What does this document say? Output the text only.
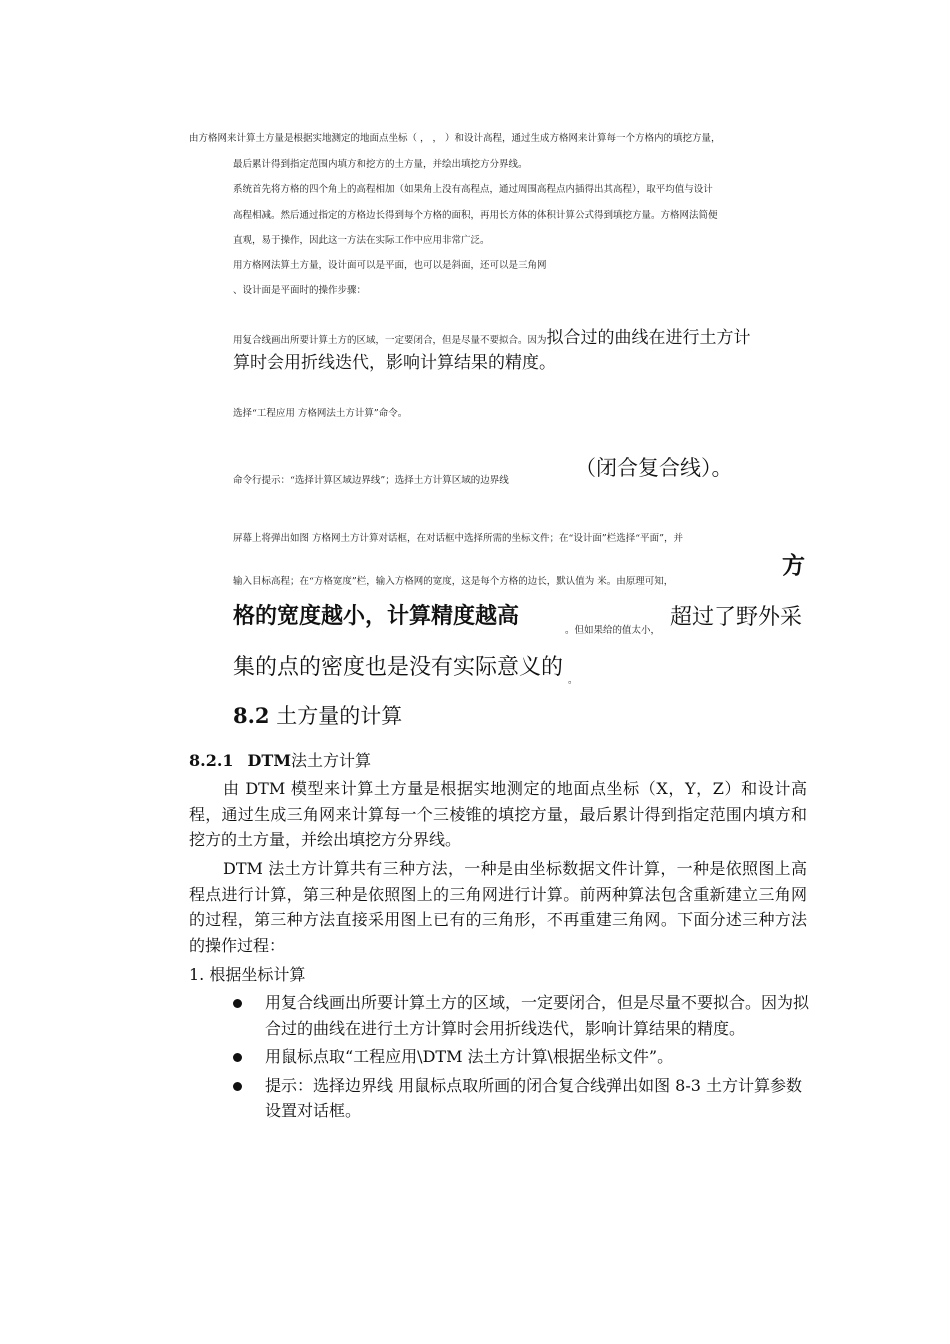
由方格网来计算土方量是根据实地测定的地面点坐标（ ， ， ）和设计高程，通过生成方格网来计算每一个方格内的填挖方量，
最后累计得到指定范围内填方和挖方的土方量，并绘出填挖方分界线。
系统首先将方格的四个角上的高程相加（如果角上没有高程点，通过周围高程点内插得出其高程），取平均值与设计
高程相减。然后通过指定的方格边长得到每个方格的面积，再用长方体的体积计算公式得到填挖方量。方格网法简便
直观，易于操作，因此这一方法在实际工作中应用非常广泛。
用方格网法算土方量，设计面可以是平面，也可以是斜面，还可以是三角网
、设计面是平面时的操作步骤：
用复合线画出所要计算土方的区域，一定要闭合，但是尽量不要拟合。因为拟合过的曲线在进行土方计
算时会用折线迭代，影响计算结果的精度。
选择“工程应用 方格网法土方计算”命令。
命令行提示：“选择计算区域边界线”；选择土方计算区域的边界线
（闭合复合线）。
屏幕上将弹出如图 方格网土方计算对话框，在对话框中选择所需的坐标文件；在“设计面”栏选择“平面”，并
输入目标高程；在“方格宽度”栏，输入方格网的宽度，这是每个方格的边长，默认值为 米。由原理可知，
方
格的宽度越小，计算精度越高
。但如果给的值太小，
超过了野外采
集的点的密度也是没有实际意义的
。
8.2 土方量的计算
8.2.1 DTM法土方计算
由 DTM 模型来计算土方量是根据实地测定的地面点坐标（X，Y，Z）和设计高程，通过生成三角网来计算每一个三棱锥的填挖方量，最后累计得到指定范围内填方和挖方的土方量，并绘出填挖方分界线。
DTM 法土方计算共有三种方法，一种是由坐标数据文件计算，一种是依照图上高程点进行计算，第三种是依照图上的三角网进行计算。前两种算法包含重新建立三角网的过程，第三种方法直接采用图上已有的三角形，不再重建三角网。下面分述三种方法的操作过程：
1. 根据坐标计算
用复合线画出所要计算土方的区域，一定要闭合，但是尽量不要拟合。因为拟合过的曲线在进行土方计算时会用折线迭代，影响计算结果的精度。
用鼠标点取“工程应用\DTM 法土方计算\根据坐标文件”。
提示：选择边界线 用鼠标点取所画的闭合复合线弹出如图 8-3 土方计算参数设置对话框。
